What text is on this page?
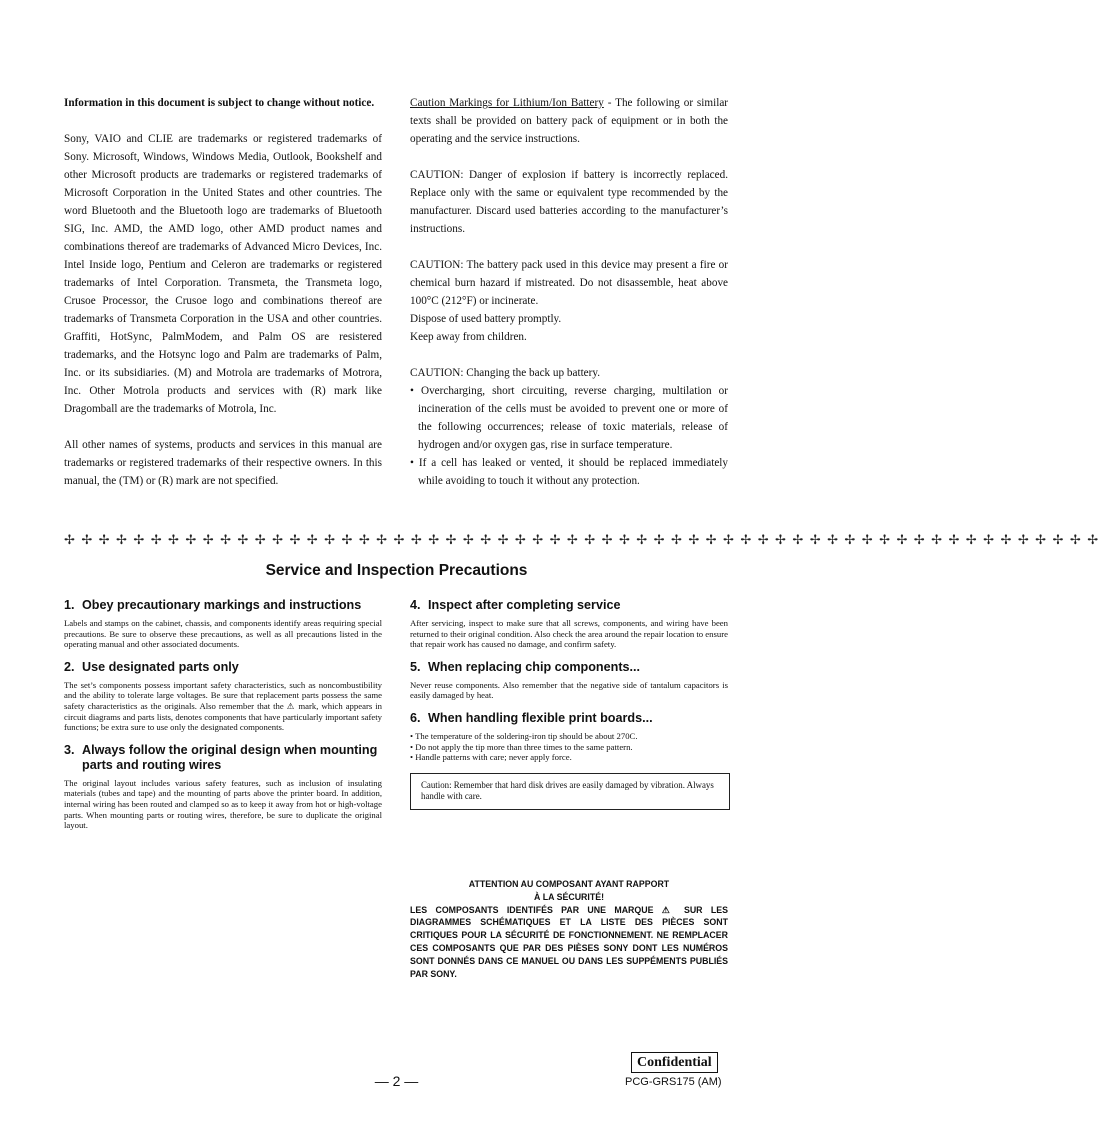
Information in this document is subject to change without notice.

Sony, VAIO and CLIE are trademarks or registered trademarks of Sony. Microsoft, Windows, Windows Media, Outlook, Bookshelf and other Microsoft products are trademarks or registered trademarks of Microsoft Corporation in the United States and other countries. The word Bluetooth and the Bluetooth logo are trademarks of Bluetooth SIG, Inc. AMD, the AMD logo, other AMD product names and combinations thereof are trademarks of Advanced Micro Devices, Inc. Intel Inside logo, Pentium and Celeron are trademarks or registered trademarks of Intel Corporation. Transmeta, the Transmeta logo, Crusoe Processor, the Crusoe logo and combinations thereof are trademarks of Transmeta Corporation in the USA and other countries. Graffiti, HotSync, PalmModem, and Palm OS are resistered trademarks, and the Hotsync logo and Palm are trademarks of Palm, Inc. or its subsidiaries. (M) and Motrola are trademarks of Motrora, Inc. Other Motrola products and services with (R) mark like Dragomball are the trademarks of Motrola, Inc.

All other names of systems, products and services in this manual are trademarks or registered trademarks of their respective owners. In this manual, the (TM) or (R) mark are not specified.

Caution Markings for Lithium/Ion Battery - The following or similar texts shall be provided on battery pack of equipment or in both the operating and the service instructions.

CAUTION: Danger of explosion if battery is incorrectly replaced. Replace only with the same or equivalent type recommended by the manufacturer. Discard used batteries according to the manufacturer’s instructions.

CAUTION: The battery pack used in this device may present a fire or chemical burn hazard if mistreated. Do not disassemble, heat above 100°C (212°F) or incinerate.

Dispose of used battery promptly.

Keep away from children.

CAUTION: Changing the back up battery.

• Overcharging, short circuiting, reverse charging, multilation or incineration of the cells must be avoided to prevent one or more of the following occurrences; release of toxic materials, release of hydrogen and/or oxygen gas, rise in surface temperature.
• If a cell has leaked or vented, it should be replaced immediately while avoiding to touch it without any protection.
✢ ✢ ✢ ✢ ✢ ✢ ✢ ✢ ✢ ✢ ✢ ✢ ✢ ✢ ✢ ✢ ✢ ✢ ✢ ✢ ✢ ✢ ✢ ✢ ✢ ✢ ✢ ✢ ✢ ✢ ✢ ✢ ✢ ✢ ✢ ✢ ✢ ✢ ✢ ✢ ✢ ✢ ✢ ✢ ✢ ✢ ✢ ✢ ✢ ✢ ✢ ✢ ✢ ✢ ✢ ✢ ✢ ✢ ✢ ✢
Service and Inspection Precautions
1. Obey precautionary markings and instructions

Labels and stamps on the cabinet, chassis, and components identify areas requiring special precautions. Be sure to observe these precautions, as well as all precautions listed in the operating manual and other associated documents.

2. Use designated parts only

The set’s components possess important safety characteristics, such as noncombustibility and the ability to tolerate large voltages. Be sure that replacement parts possess the same safety characteristics as the originals. Also remember that the ⚠ mark, which appears in circuit diagrams and parts lists, denotes components that have particularly important safety functions; be extra sure to use only the designated components.

3. Always follow the original design when mounting
parts and routing wires

The original layout includes various safety features, such as inclusion of insulating materials (tubes and tape) and the mounting of parts above the printer board. In addition, internal wiring has been routed and clamped so as to keep it away from hot or high-voltage parts. When mounting parts or routing wires, therefore, be sure to duplicate the original layout.

4. Inspect after completing service

After servicing, inspect to make sure that all screws, components, and wiring have been returned to their original condition. Also check the area around the repair location to ensure that repair work has caused no damage, and confirm safety.

5. When replacing chip components...

Never reuse components. Also remember that the negative side of tantalum capacitors is easily damaged by heat.

6. When handling flexible print boards...
• The temperature of the soldering-iron tip should be about 270C.
• Do not apply the tip more than three times to the same pattern.
• Handle patterns with care; never apply force.
Caution: Remember that hard disk drives are easily damaged by vibration. Always handle with care.
ATTENTION AU COMPOSANT AYANT RAPPORT
À LA SÉCURITÉ!
LES COMPOSANTS IDENTIFÉS PAR UNE MARQUE ⚠ SUR LES DIAGRAMMES SCHÉMATIQUES ET LA LISTE DES PIÈCES SONT CRITIQUES POUR LA SÉCURITÉ DE FONCTIONNEMENT. NE REMPLACER CES COMPOSANTS QUE PAR DES PIÈSES SONY DONT LES NUMÉROS SONT DONNÉS DANS CE MANUEL OU DANS LES SUPPÉMENTS PUBLIÉS PAR SONY.
Confidential
— 2 —	PCG-GRS175 (AM)
